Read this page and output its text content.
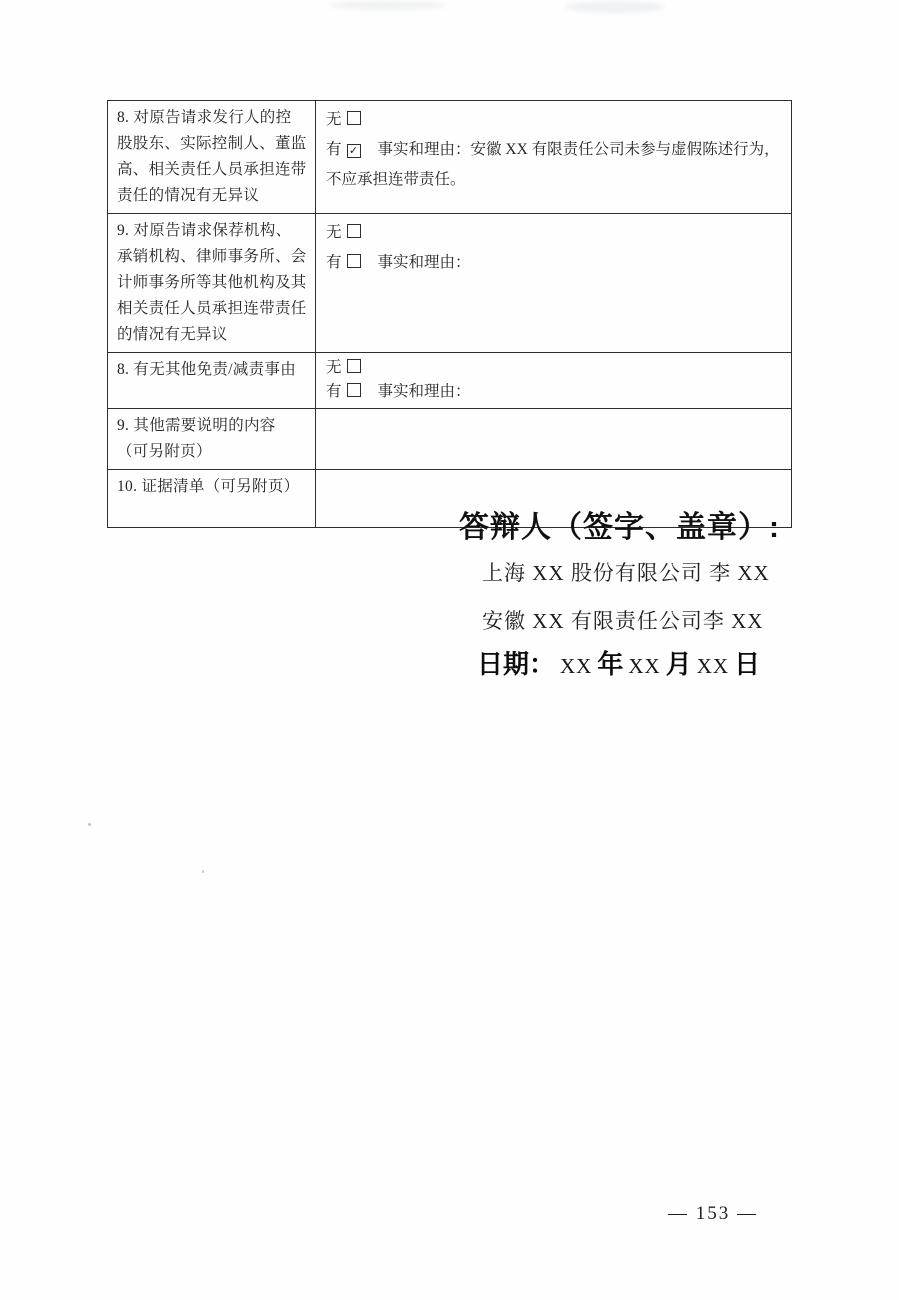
8. 对原告请求发行人的控股股东、实际控制人、董监高、相关责任人员承担连带责任的情况有无异议	无
有 ✓ 事实和理由：安徽 XX 有限责任公司未参与虚假陈述行为，不应承担连带责任。

9. 对原告请求保荐机构、承销机构、律师事务所、会计师事务所等其他机构及其相关责任人员承担连带责任的情况有无异议	无
有 事实和理由：

8. 有无其他免责/减责事由	无
有 事实和理由：

9. 其他需要说明的内容（可另附页）	
10. 证据清单（可另附页）	
答辩人（签字、盖章）:
上海 XX 股份有限公司 李 XX
安徽 XX 有限责任公司李 XX
日期： XX 年 XX 月 XX 日
— 153 —
